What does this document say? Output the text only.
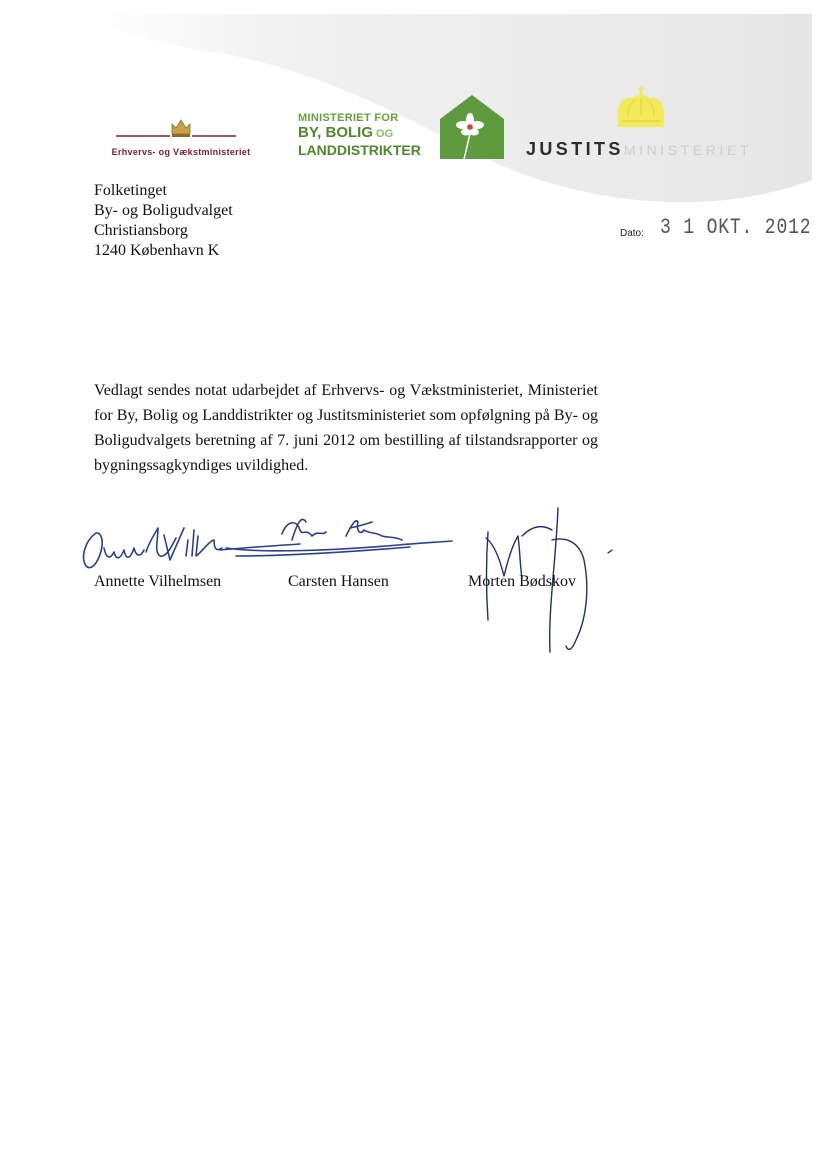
Erhvervs- og Vækstministeriet
MINISTERIET FOR
BY, BOLIG OG
LANDDISTRIKTER	JUSTITSMINISTERIET
Folketinget
By- og Boligudvalget
Christiansborg
1240 København K
Dato: 3 1 OKT. 2012
Vedlagt sendes notat udarbejdet af Erhvervs- og Vækstministeriet, Ministeriet for By, Bolig og Landdistrikter og Justitsministeriet som opfølgning på By- og Boligudvalgets beretning af 7. juni 2012 om bestilling af tilstandsrapporter og bygningssagkyndiges uvildighed.
Annette Vilhelmsen	Carsten Hansen	Morten Bødskov
